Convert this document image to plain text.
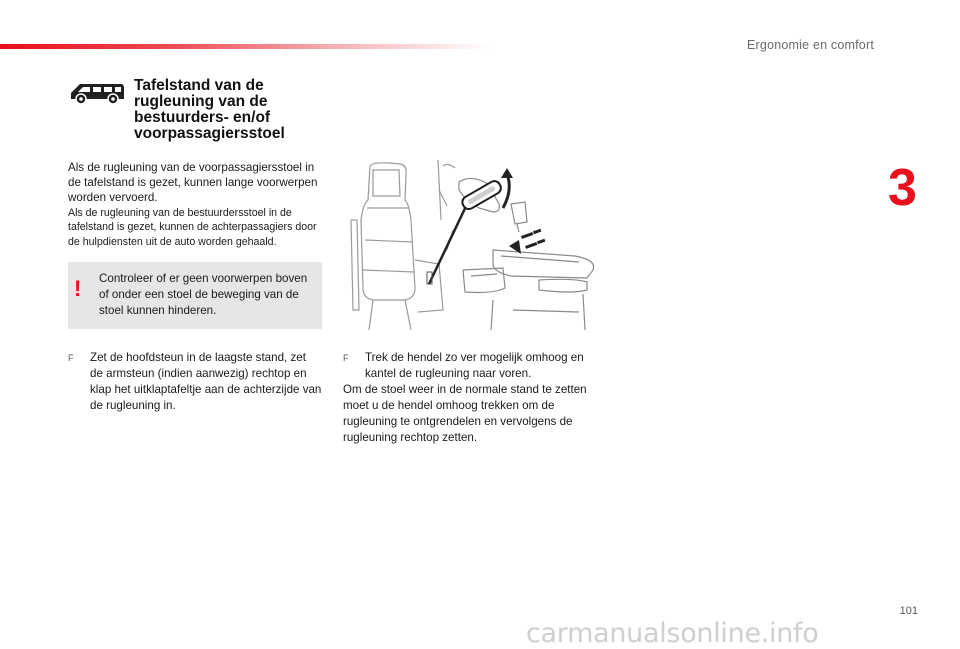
Ergonomie en comfort
3
Tafelstand van de rugleuning van de bestuurders- en/of voorpassagiersstoel
Als de rugleuning van de voorpassagiersstoel in de tafelstand is gezet, kunnen lange voorwerpen worden vervoerd.
Als de rugleuning van de bestuurdersstoel in de tafelstand is gezet, kunnen de achterpassagiers door de hulpdiensten uit de auto worden gehaald.
! Controleer of er geen voorwerpen boven of onder een stoel de beweging van de stoel kunnen hinderen.
F	Zet de hoofdsteun in de laagste stand, zet de armsteun (indien aanwezig) rechtop en klap het uitklaptafeltje aan de achterzijde van de rugleuning in.
F	Trek de hendel zo ver mogelijk omhoog en kantel de rugleuning naar voren.
Om de stoel weer in de normale stand te zetten moet u de hendel omhoog trekken om de rugleuning te ontgrendelen en vervolgens de rugleuning rechtop zetten.
101
carmanualsonline.info
